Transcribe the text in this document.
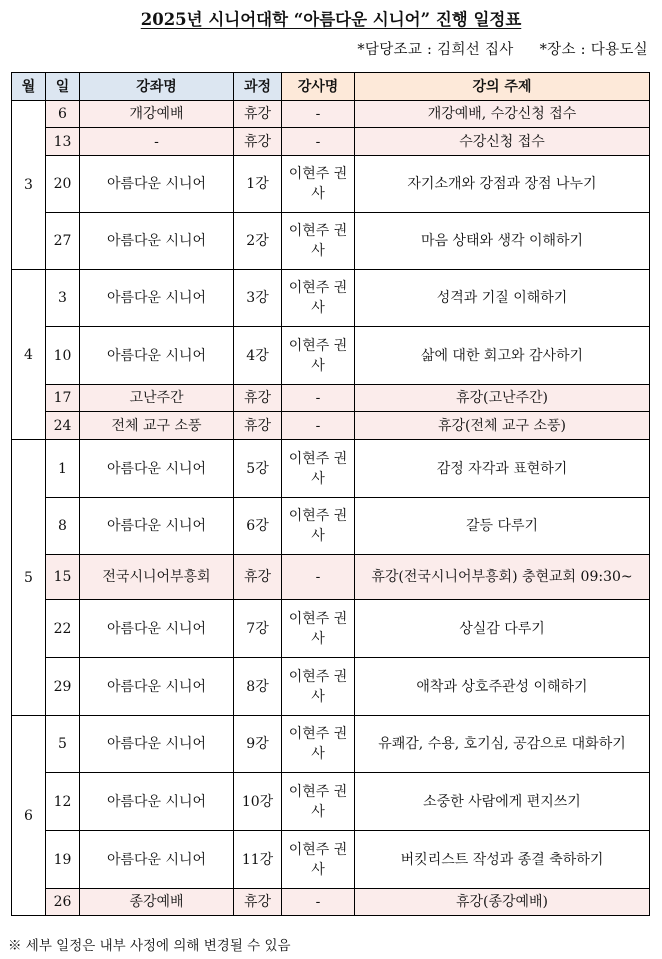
2025년 시니어대학 “아름다운 시니어” 진행 일정표
*담당조교 : 김희선 집사 *장소 : 다용도실
월	일	강좌명	과정	강사명	강의 주제
3	6	개강예배	휴강	-	개강예배, 수강신청 접수
	13	-	휴강	-	수강신청 접수
	20	아름다운 시니어	1강	이현주 권사	자기소개와 강점과 장점 나누기
	27	아름다운 시니어	2강	이현주 권사	마음 상태와 생각 이해하기
4	3	아름다운 시니어	3강	이현주 권사	성격과 기질 이해하기
	10	아름다운 시니어	4강	이현주 권사	삶에 대한 회고와 감사하기
	17	고난주간	휴강	-	휴강(고난주간)
	24	전체 교구 소풍	휴강	-	휴강(전체 교구 소풍)
5	1	아름다운 시니어	5강	이현주 권사	감정 자각과 표현하기
	8	아름다운 시니어	6강	이현주 권사	갈등 다루기
	15	전국시니어부흥회	휴강	-	휴강(전국시니어부흥회) 충현교회 09:30~
	22	아름다운 시니어	7강	이현주 권사	상실감 다루기
	29	아름다운 시니어	8강	이현주 권사	애착과 상호주관성 이해하기
6	5	아름다운 시니어	9강	이현주 권사	유쾌감, 수용, 호기심, 공감으로 대화하기
	12	아름다운 시니어	10강	이현주 권사	소중한 사람에게 편지쓰기
	19	아름다운 시니어	11강	이현주 권사	버킷리스트 작성과 종결 축하하기
	26	종강예배	휴강	-	휴강(종강예배)
※ 세부 일정은 내부 사정에 의해 변경될 수 있음
